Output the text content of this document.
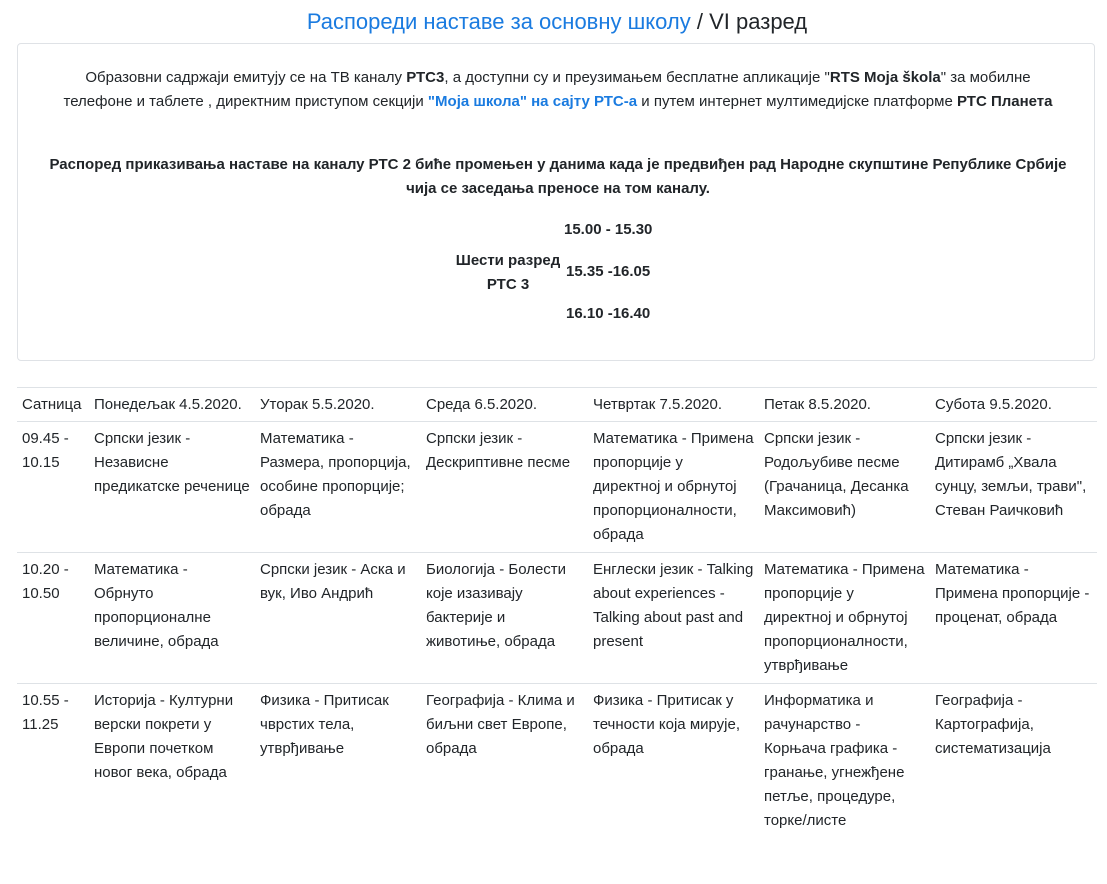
Распореди наставе за основну школу / VI разред

Образовни садржаји емитују се на ТВ каналу РТС3, а доступни су и преузимањем бесплатне апликације "RTS Moja škola" за мобилне телефоне и таблете , директним приступом секцији "Моја школа" на сајту РТС-а и путем интернет мултимедијске платформе РТС Планета

Распоред приказивања наставе на каналу РТС 2 биће промењен у данима када је предвиђен рад Народне скупштине Републике Србије чија се заседања преносе на том каналу.

Шести разред
РТС 3
15.00 - 15.30
15.35 -16.05
16.10 -16.40
Сатница	Понедељак 4.5.2020.	Уторак 5.5.2020.	Среда 6.5.2020.	Четвртак 7.5.2020.	Петак 8.5.2020.	Субота 9.5.2020.
09.45 - 10.15	Српски језик - Независне предикатске реченице	Математика - Размера, пропорција, особине пропорције; обрада	Српски језик - Дескриптивне песме	Математика - Примена пропорције у директној и обрнутој пропорционалности, обрада	Српски језик - Родољубиве песме (Грачаница, Десанка Максимовић)	Српски језик - Дитирамб „Хвала сунцу, земљи, трави", Стеван Раичковић
10.20 - 10.50	Математика - Обрнуто пропорционалне величине, обрада	Српски језик - Аска и вук, Иво Андрић	Биологија - Болести које изазивају бактерије и животиње, обрада	Енглески језик - Talking about experiences - Talking about past and present	Математика - Примена пропорције у директној и обрнутој пропорционалности, утврђивање	Математика - Примена пропорције - проценат, обрада
10.55 - 11.25	Историја - Културни верски покрети у Европи почетком новог века, обрада	Физика - Притисак чврстих тела, утврђивање	Географија - Клима и биљни свет Европе, обрада	Физика - Притисак у течности која мирује, обрада	Информатика и рачунарство - Корњача графика - гранање, угнежђене петље, процедуре, торке/листе	Географија - Картографија, систематизација
